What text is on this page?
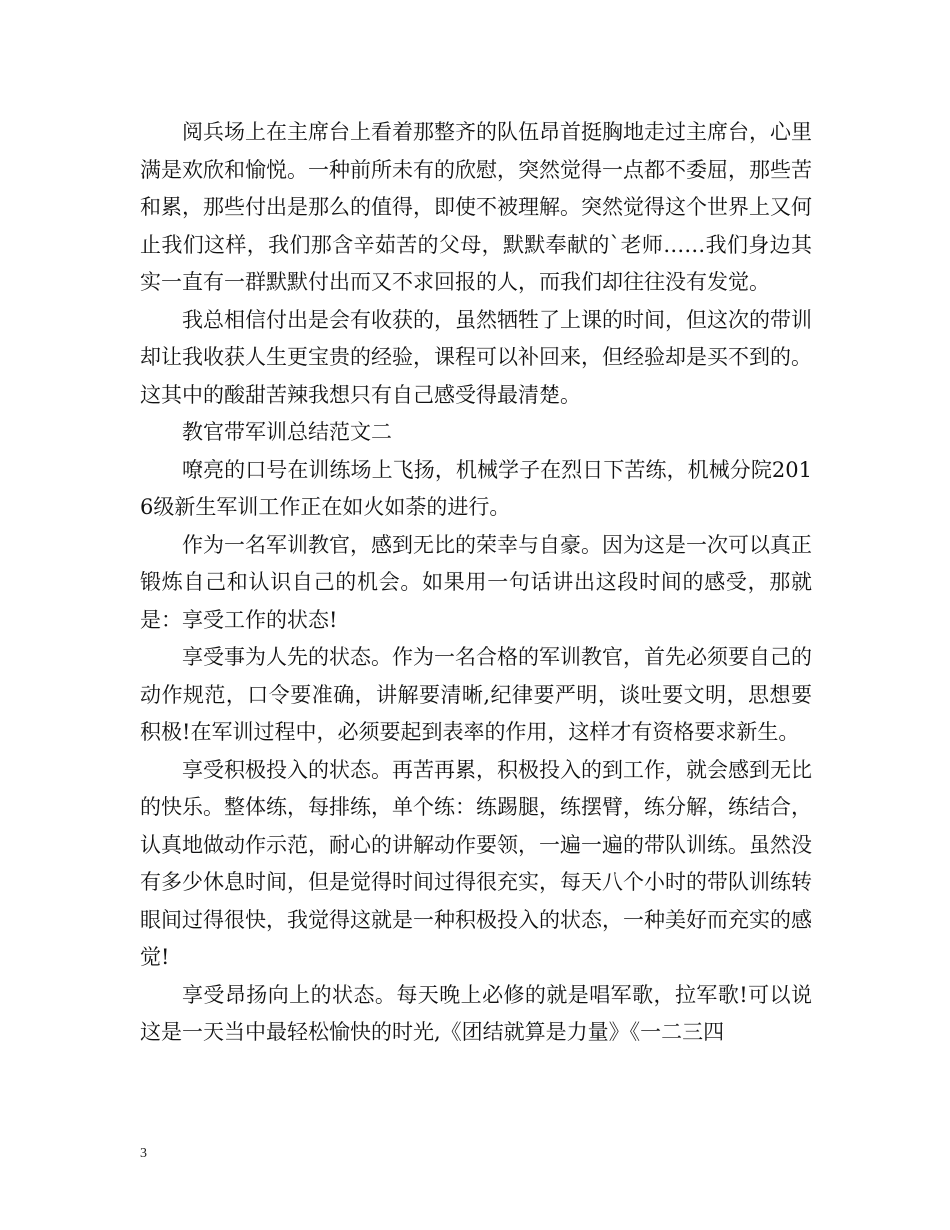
阅兵场上在主席台上看着那整齐的队伍昂首挺胸地走过主席台，心里满是欢欣和愉悦。一种前所未有的欣慰，突然觉得一点都不委屈，那些苦和累，那些付出是那么的值得，即使不被理解。突然觉得这个世界上又何止我们这样，我们那含辛茹苦的父母，默默奉献的`老师……我们身边其实一直有一群默默付出而又不求回报的人，而我们却往往没有发觉。

我总相信付出是会有收获的，虽然牺牲了上课的时间，但这次的带训却让我收获人生更宝贵的经验，课程可以补回来，但经验却是买不到的。这其中的酸甜苦辣我想只有自己感受得最清楚。

教官带军训总结范文二

嘹亮的口号在训练场上飞扬，机械学子在烈日下苦练，机械分院2016级新生军训工作正在如火如荼的进行。

作为一名军训教官，感到无比的荣幸与自豪。因为这是一次可以真正锻炼自己和认识自己的机会。如果用一句话讲出这段时间的感受，那就是：享受工作的状态!

享受事为人先的状态。作为一名合格的军训教官，首先必须要自己的动作规范，口令要准确，讲解要清晰,纪律要严明，谈吐要文明，思想要积极!在军训过程中，必须要起到表率的作用，这样才有资格要求新生。

享受积极投入的状态。再苦再累，积极投入的到工作，就会感到无比的快乐。整体练，每排练，单个练：练踢腿，练摆臂，练分解，练结合，认真地做动作示范，耐心的讲解动作要领，一遍一遍的带队训练。虽然没有多少休息时间，但是觉得时间过得很充实，每天八个小时的带队训练转眼间过得很快，我觉得这就是一种积极投入的状态，一种美好而充实的感觉!

享受昂扬向上的状态。每天晚上必修的就是唱军歌，拉军歌!可以说这是一天当中最轻松愉快的时光,《团结就算是力量》《一二三四

3
